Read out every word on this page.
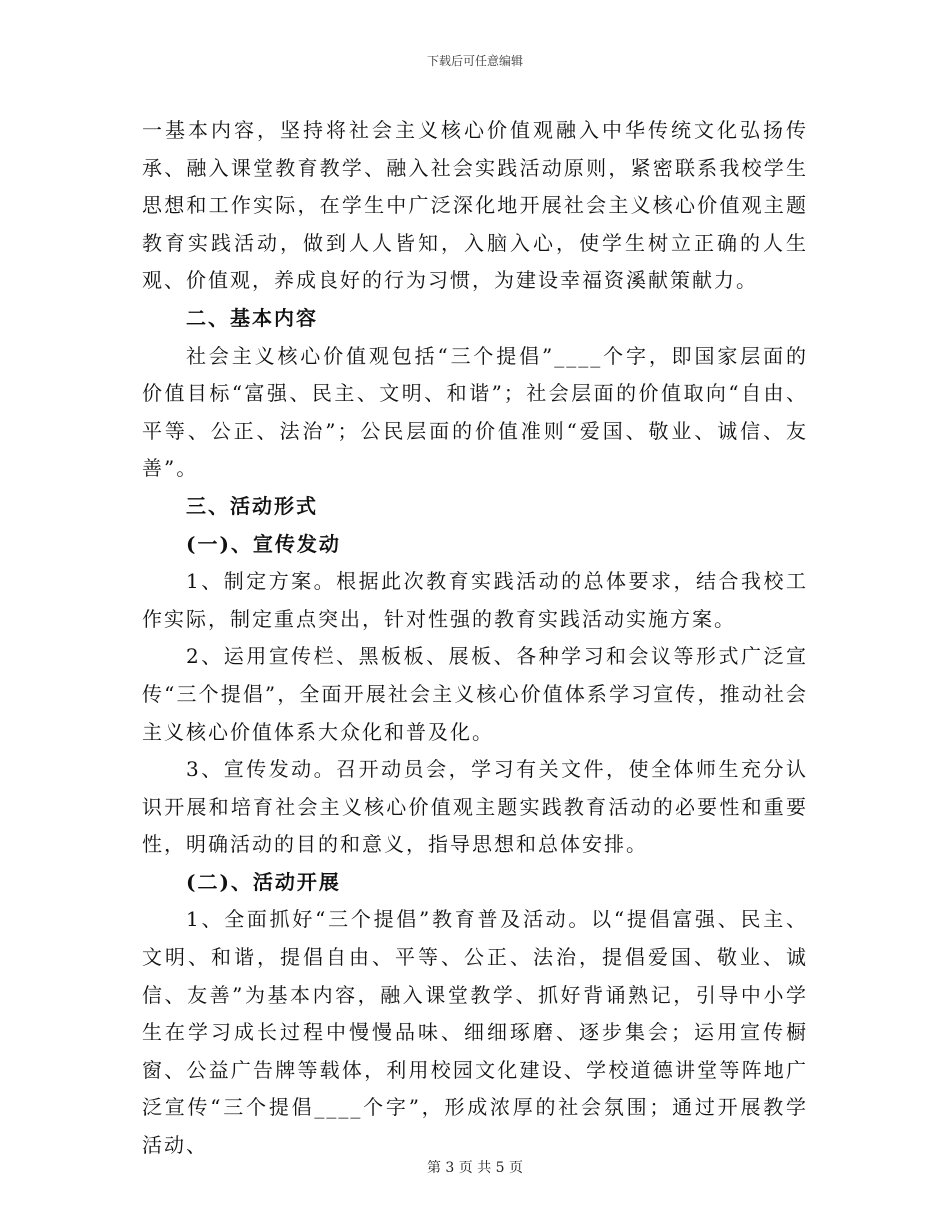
下载后可任意编辑

一基本内容，坚持将社会主义核心价值观融入中华传统文化弘扬传承、融入课堂教育教学、融入社会实践活动原则，紧密联系我校学生思想和工作实际，在学生中广泛深化地开展社会主义核心价值观主题教育实践活动，做到人人皆知，入脑入心，使学生树立正确的人生观、价值观，养成良好的行为习惯，为建设幸福资溪献策献力。

二、基本内容

社会主义核心价值观包括“三个提倡”____个字，即国家层面的价值目标“富强、民主、文明、和谐”；社会层面的价值取向“自由、平等、公正、法治”；公民层面的价值准则“爱国、敬业、诚信、友善”。

三、活动形式

(一)、宣传发动

1、制定方案。根据此次教育实践活动的总体要求，结合我校工作实际，制定重点突出，针对性强的教育实践活动实施方案。

2、运用宣传栏、黑板板、展板、各种学习和会议等形式广泛宣传“三个提倡”，全面开展社会主义核心价值体系学习宣传，推动社会主义核心价值体系大众化和普及化。

3、宣传发动。召开动员会，学习有关文件，使全体师生充分认识开展和培育社会主义核心价值观主题实践教育活动的必要性和重要性，明确活动的目的和意义，指导思想和总体安排。

(二)、活动开展

1、全面抓好“三个提倡”教育普及活动。以“提倡富强、民主、文明、和谐，提倡自由、平等、公正、法治，提倡爱国、敬业、诚信、友善”为基本内容，融入课堂教学、抓好背诵熟记，引导中小学生在学习成长过程中慢慢品味、细细琢磨、逐步集会；运用宣传橱窗、公益广告牌等载体，利用校园文化建设、学校道德讲堂等阵地广泛宣传“三个提倡____个字”，形成浓厚的社会氛围；通过开展教学活动、

第 3 页 共 5 页
